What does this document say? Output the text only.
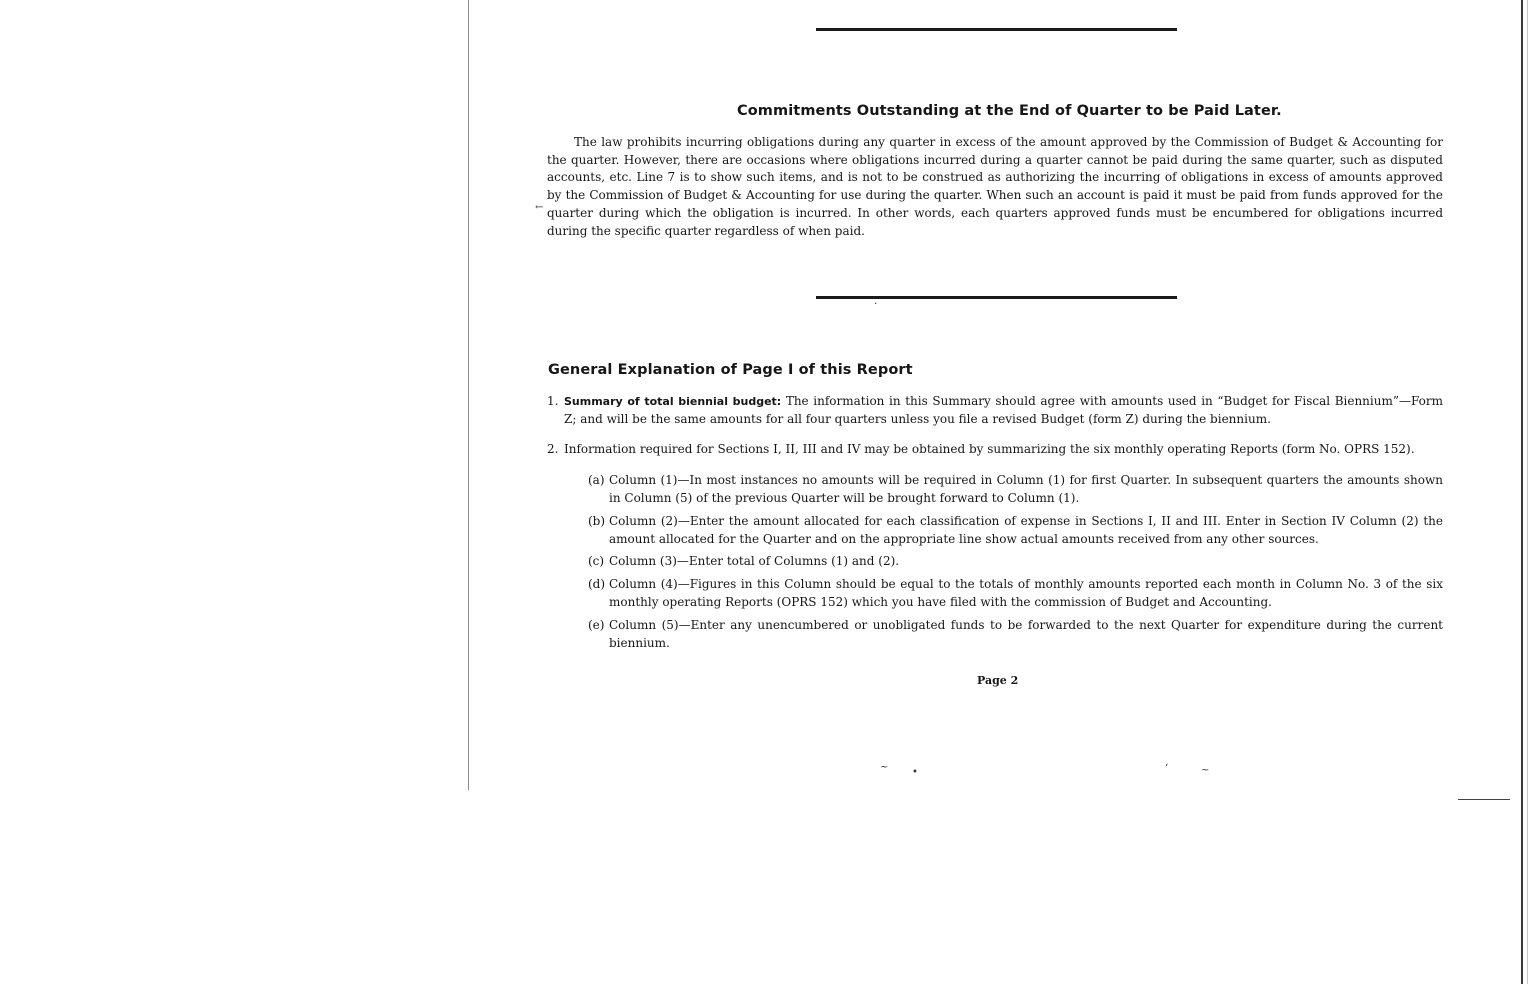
Commitments Outstanding at the End of Quarter to be Paid Later.

The law prohibits incurring obligations during any quarter in excess of the amount approved by the Commission of Budget & Accounting for the quarter. However, there are occasions where obligations incurred during a quarter cannot be paid during the same quarter, such as disputed accounts, etc. Line 7 is to show such items, and is not to be construed as authorizing the incurring of obligations in excess of amounts approved by the Commission of Budget & Accounting for use during the quarter. When such an account is paid it must be paid from funds approved for the quarter during which the obligation is incurred. In other words, each quarters approved funds must be encumbered for obligations incurred during the specific quarter regardless of when paid.

←
General Explanation of Page I of this Report

1. Summary of total biennial budget: The information in this Summary should agree with amounts used in “Budget for Fiscal Biennium”—Form Z; and will be the same amounts for all four quarters unless you file a revised Budget (form Z) during the biennium.

2. Information required for Sections I, II, III and IV may be obtained by summarizing the six monthly operating Reports (form No. OPRS 152).

(a) Column (1)—In most instances no amounts will be required in Column (1) for first Quarter. In subsequent quarters the amounts shown in Column (5) of the previous Quarter will be brought forward to Column (1).

(b) Column (2)—Enter the amount allocated for each classification of expense in Sections I, II and III. Enter in Section IV Column (2) the amount allocated for the Quarter and on the appropriate line show actual amounts received from any other sources.

(c) Column (3)—Enter total of Columns (1) and (2).

(d) Column (4)—Figures in this Column should be equal to the totals of monthly amounts reported each month in Column No. 3 of the six monthly operating Reports (OPRS 152) which you have filed with the commission of Budget and Accounting.

(e) Column (5)—Enter any unencumbered or unobligated funds to be forwarded to the next Quarter for expenditure during the current biennium.

Page 2
~ •	‘	~
·
